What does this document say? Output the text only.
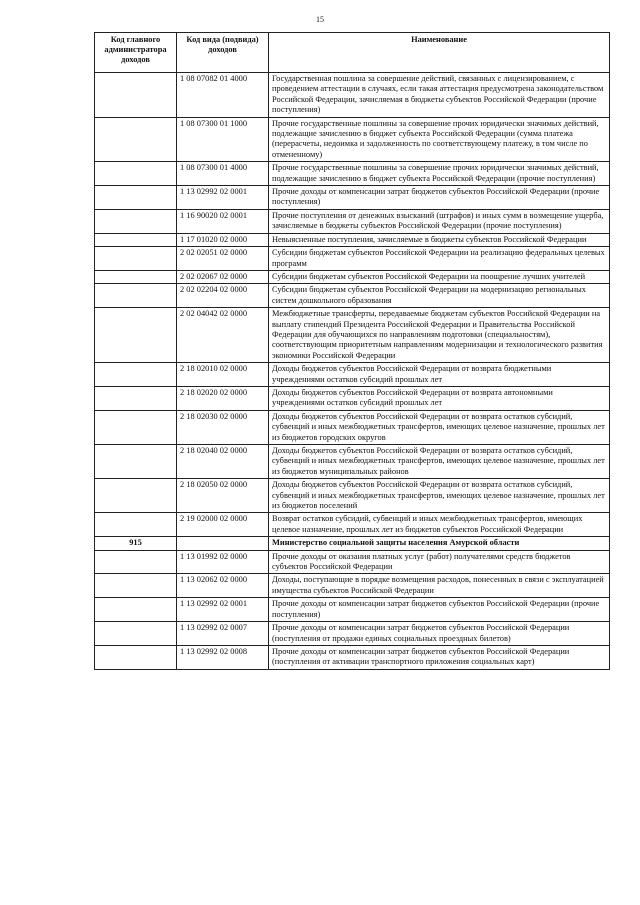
15
Код главного администратора доходов	Код вида (подвида) доходов	Наименование
	1 08 07082 01 4000	Государственная пошлина за совершение действий, связанных с лицензированием, с проведением аттестации в случаях, если такая аттестация предусмотрена законодательством Российской Федерации, зачисляемая в бюджеты субъектов Российской Федерации (прочие поступления)
	1 08 07300 01 1000	Прочие государственные пошлины за совершение прочих юридически значимых действий, подлежащие зачислению в бюджет субъекта Российской Федерации (сумма платежа (перерасчеты, недоимка и задолженность по соответствующему платежу, в том числе по отмененному)
	1 08 07300 01 4000	Прочие государственные пошлины за совершение прочих юридически значимых действий, подлежащие зачислению в бюджет субъекта Российской Федерации (прочие поступления)
	1 13 02992 02 0001	Прочие доходы от компенсации затрат бюджетов субъектов Российской Федерации (прочие поступления)
	1 16 90020 02 0001	Прочие поступления от денежных взысканий (штрафов) и иных сумм в возмещение ущерба, зачисляемые в бюджеты субъектов Российской Федерации (прочие поступления)
	1 17 01020 02 0000	Невыясненные поступления, зачисляемые в бюджеты субъектов Российской Федерации
	2 02 02051 02 0000	Субсидии бюджетам субъектов Российской Федерации на реализацию федеральных целевых программ
	2 02 02067 02 0000	Субсидии бюджетам субъектов Российской Федерации на поощрение лучших учителей
	2 02 02204 02 0000	Субсидии бюджетам субъектов Российской Федерации на модернизацию региональных систем дошкольного образования
	2 02 04042 02 0000	Межбюджетные трансферты, передаваемые бюджетам субъектов Российской Федерации на выплату стипендий Президента Российской Федерации и Правительства Российской Федерации для обучающихся по направлениям подготовки (специальностям), соответствующим приоритетным направлениям модернизации и технологического развития экономики Российской Федерации
	2 18 02010 02 0000	Доходы бюджетов субъектов Российской Федерации от возврата бюджетными учреждениями остатков субсидий прошлых лет
	2 18 02020 02 0000	Доходы бюджетов субъектов Российской Федерации от возврата автономными учреждениями остатков субсидий прошлых лет
	2 18 02030 02 0000	Доходы бюджетов субъектов Российской Федерации от возврата остатков субсидий, субвенций и иных межбюджетных трансфертов, имеющих целевое назначение, прошлых лет из бюджетов городских округов
	2 18 02040 02 0000	Доходы бюджетов субъектов Российской Федерации от возврата остатков субсидий, субвенций и иных межбюджетных трансфертов, имеющих целевое назначение, прошлых лет из бюджетов муниципальных районов
	2 18 02050 02 0000	Доходы бюджетов субъектов Российской Федерации от возврата остатков субсидий, субвенций и иных межбюджетных трансфертов, имеющих целевое назначение, прошлых лет из бюджетов поселений
	2 19 02000 02 0000	Возврат остатков субсидий, субвенций и иных межбюджетных трансфертов, имеющих целевое назначение, прошлых лет из бюджетов субъектов Российской Федерации
915		Министерство социальной защиты населения Амурской области
	1 13 01992 02 0000	Прочие доходы от оказания платных услуг (работ) получателями средств бюджетов субъектов Российской Федерации
	1 13 02062 02 0000	Доходы, поступающие в порядке возмещения расходов, понесенных в связи с эксплуатацией имущества субъектов Российской Федерации
	1 13 02992 02 0001	Прочие доходы от компенсации затрат бюджетов субъектов Российской Федерации (прочие поступления)
	1 13 02992 02 0007	Прочие доходы от компенсации затрат бюджетов субъектов Российской Федерации (поступления от продажи единых социальных проездных билетов)
	1 13 02992 02 0008	Прочие доходы от компенсации затрат бюджетов субъектов Российской Федерации (поступления от активации транспортного приложения социальных карт)
